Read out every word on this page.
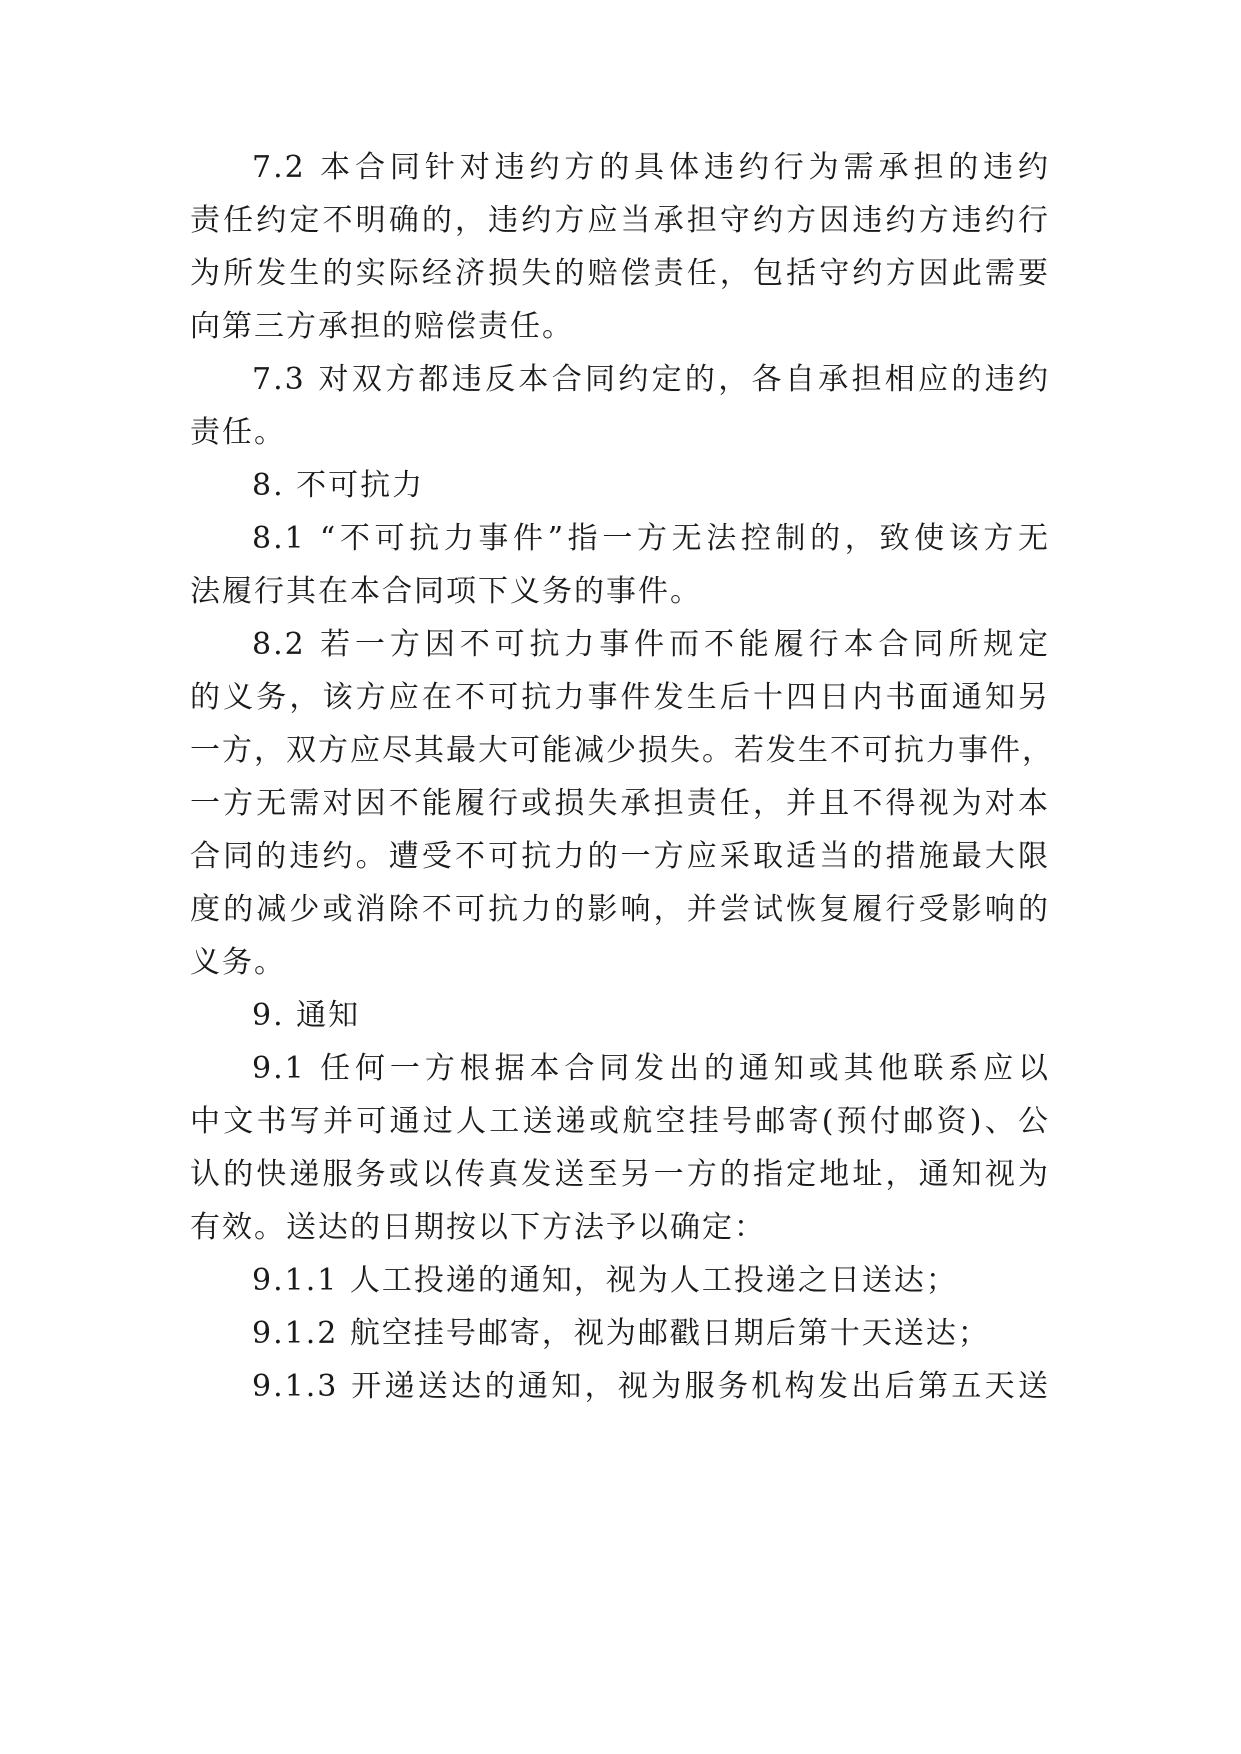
7.2 本合同针对违约方的具体违约行为需承担的违约
责任约定不明确的，违约方应当承担守约方因违约方违约行
为所发生的实际经济损失的赔偿责任，包括守约方因此需要
向第三方承担的赔偿责任。
7.3 对双方都违反本合同约定的，各自承担相应的违约
责任。
8. 不可抗力
8.1 “不可抗力事件”指一方无法控制的，致使该方无
法履行其在本合同项下义务的事件。
8.2 若一方因不可抗力事件而不能履行本合同所规定
的义务，该方应在不可抗力事件发生后十四日内书面通知另
一方，双方应尽其最大可能减少损失。若发生不可抗力事件，
一方无需对因不能履行或损失承担责任，并且不得视为对本
合同的违约。遭受不可抗力的一方应采取适当的措施最大限
度的减少或消除不可抗力的影响，并尝试恢复履行受影响的
义务。
9. 通知
9.1 任何一方根据本合同发出的通知或其他联系应以
中文书写并可通过人工送递或航空挂号邮寄(预付邮资)、公
认的快递服务或以传真发送至另一方的指定地址，通知视为
有效。送达的日期按以下方法予以确定：
9.1.1 人工投递的通知，视为人工投递之日送达；
9.1.2 航空挂号邮寄，视为邮戳日期后第十天送达；
9.1.3 开递送达的通知，视为服务机构发出后第五天送
